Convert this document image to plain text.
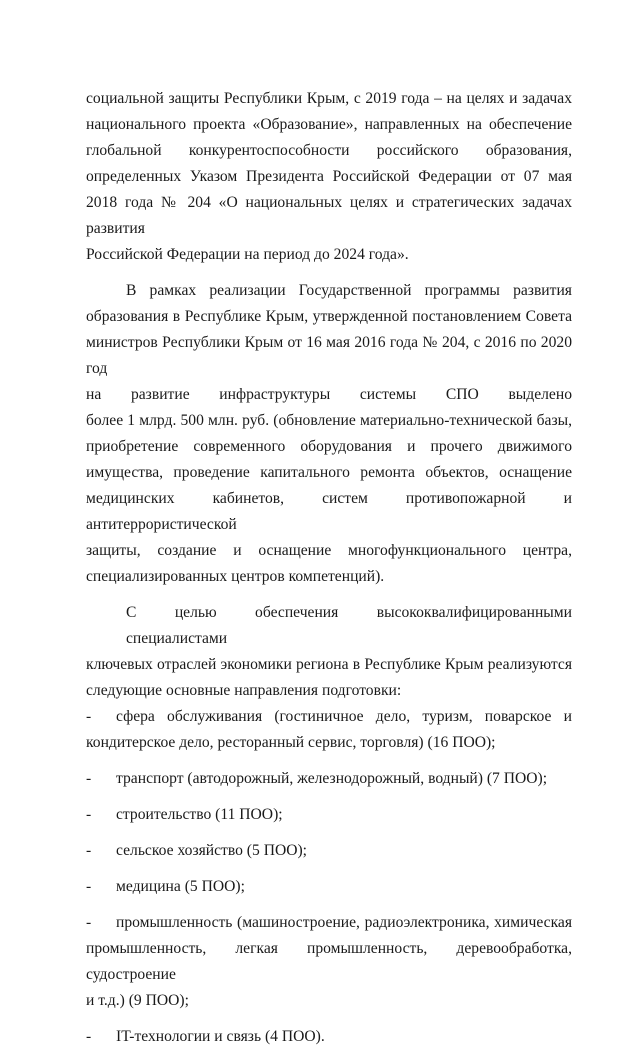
социальной защиты Республики Крым, с 2019 года – на целях и задачах
национального проекта «Образование», направленных на обеспечение
глобальной конкурентоспособности российского образования,
определенных Указом Президента Российской Федерации от 07 мая
2018 года № 204 «О национальных целях и стратегических задачах развития
Российской Федерации на период до 2024 года».

В рамках реализации Государственной программы развития
образования в Республике Крым, утвержденной постановлением Совета
министров Республики Крым от 16 мая 2016 года № 204, с 2016 по 2020 год
на развитие инфраструктуры системы СПО выделено
более 1 млрд. 500 млн. руб. (обновление материально-технической базы,
приобретение современного оборудования и прочего движимого
имущества, проведение капитального ремонта объектов, оснащение
медицинских кабинетов, систем противопожарной и антитеррористической
защиты, создание и оснащение многофункционального центра,
специализированных центров компетенций).

С целью обеспечения высококвалифицированными специалистами
ключевых отраслей экономики региона в Республике Крым реализуются
следующие основные направления подготовки:

- сфера обслуживания (гостиничное дело, туризм, поварское и
кондитерское дело, ресторанный сервис, торговля) (16 ПОО);
- транспорт (автодорожный, железнодорожный, водный) (7 ПОО);
- строительство (11 ПОО);
- сельское хозяйство (5 ПОО);
- медицина (5 ПОО);
- промышленность (машиностроение, радиоэлектроника, химическая
промышленность, легкая промышленность, деревообработка, судостроение
и т.д.) (9 ПОО);
- IT-технологии и связь (4 ПОО).
